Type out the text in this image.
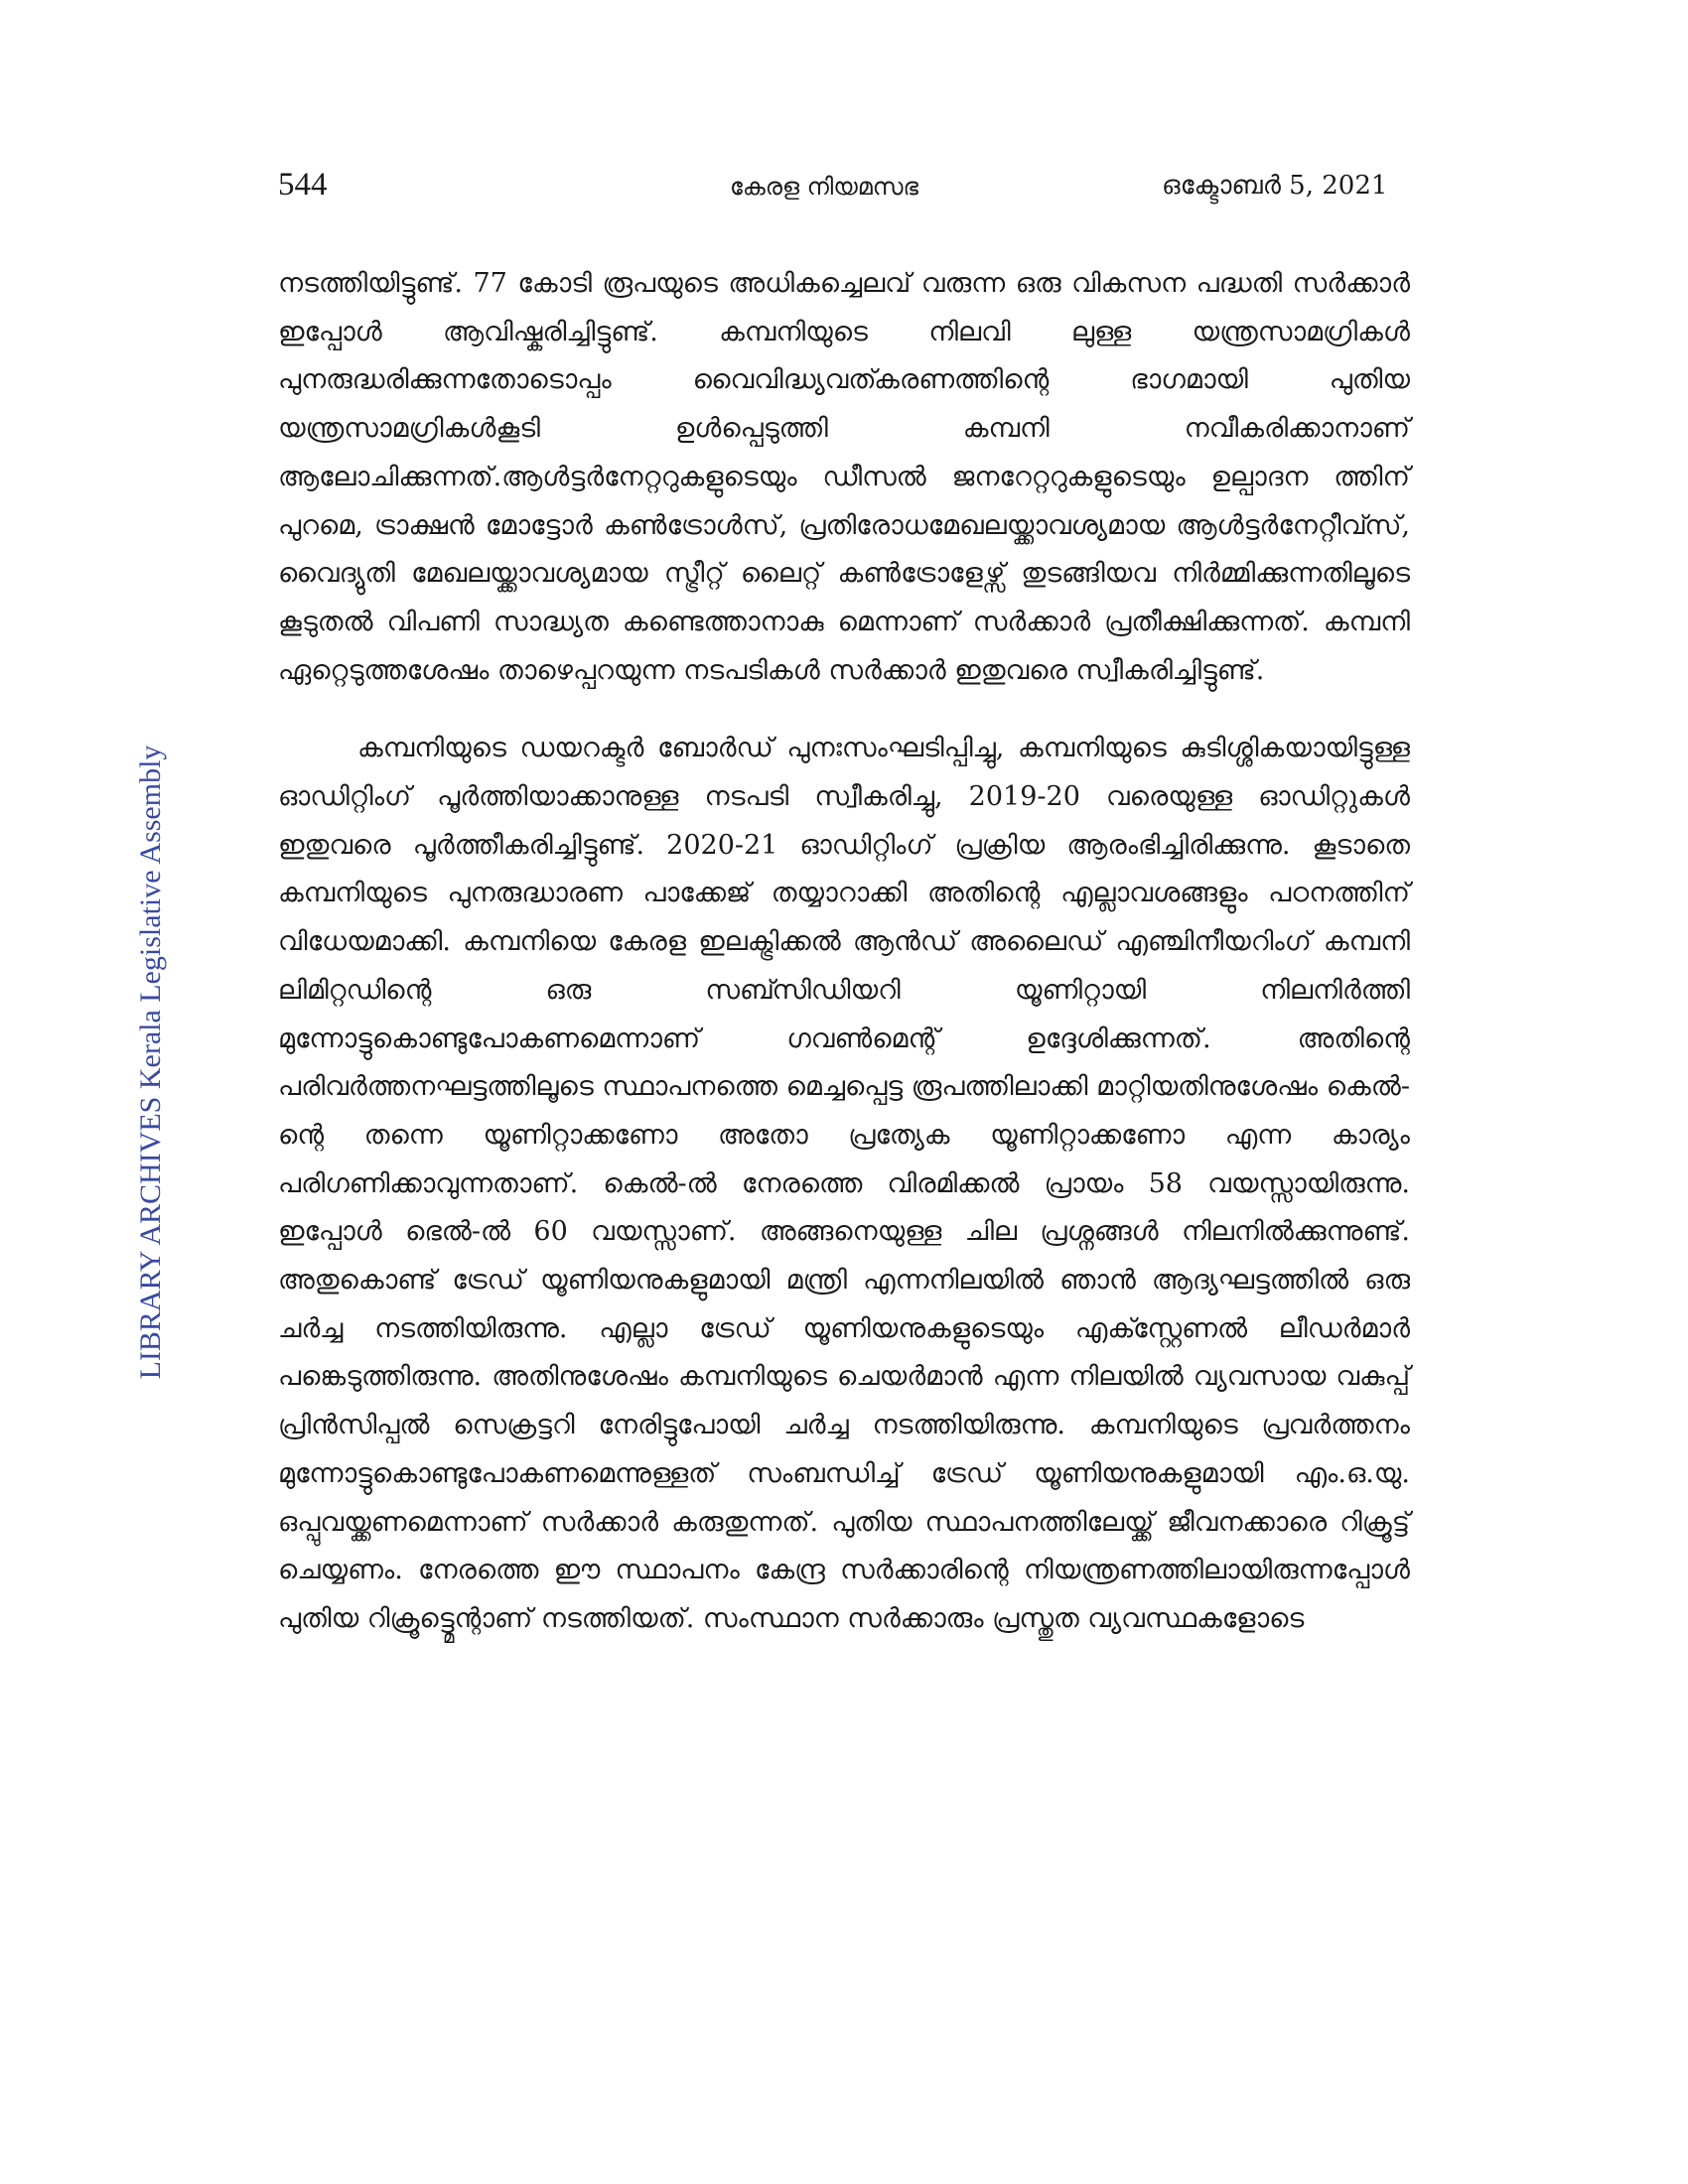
544	കേരള നിയമസഭ	ഒക്ടോബർ 5, 2021
LIBRARY ARCHIVES Kerala Legislative Assembly

നടത്തിയിട്ടുണ്ട്. 77 കോടി രൂപയുടെ അധികച്ചെലവ് വരുന്ന ഒരു വികസന പദ്ധതി സർക്കാർ ഇപ്പോൾ ആവിഷ്കരിച്ചിട്ടുണ്ട്. കമ്പനിയുടെ നിലവി ലുള്ള യന്ത്രസാമഗ്രികൾ പുനരുദ്ധരിക്കുന്നതോടൊപ്പം വൈവിദ്ധ്യവത്കരണത്തിന്റെ ഭാഗമായി പുതിയ യന്ത്രസാമഗ്രികൾകൂടി ഉൾപ്പെടുത്തി കമ്പനി നവീകരിക്കാനാണ് ആലോചിക്കുന്നത്.ആൾട്ടർനേറ്ററുകളുടെയും ഡീസൽ ജനറേറ്ററുകളുടെയും ഉല്പാദന ത്തിന് പുറമെ, ട്രാക്ഷൻ മോട്ടോർ കൺട്രോൾസ്, പ്രതിരോധമേഖലയ്ക്കാവശ്യമായ ആൾട്ടർനേറ്റീവ്സ്, വൈദ്യുതി മേഖലയ്ക്കാവശ്യമായ സ്ട്രീറ്റ് ലൈറ്റ് കൺട്രോളേഴ്സ് തുടങ്ങിയവ നിർമ്മിക്കുന്നതിലൂടെ കൂടുതൽ വിപണി സാദ്ധ്യത കണ്ടെത്താനാകു മെന്നാണ് സർക്കാർ പ്രതീക്ഷിക്കുന്നത്. കമ്പനി ഏറ്റെടുത്തശേഷം താഴെപ്പറയുന്ന നടപടികൾ സർക്കാർ ഇതുവരെ സ്വീകരിച്ചിട്ടുണ്ട്.

കമ്പനിയുടെ ഡയറക്ടർ ബോർഡ് പുനഃസംഘടിപ്പിച്ചു, കമ്പനിയുടെ കുടിശ്ശികയായിട്ടുള്ള ഓഡിറ്റിംഗ് പൂർത്തിയാക്കാനുള്ള നടപടി സ്വീകരിച്ചു, 2019-20 വരെയുള്ള ഓഡിറ്റുകൾ ഇതുവരെ പൂർത്തീകരിച്ചിട്ടുണ്ട്. 2020-21 ഓഡിറ്റിംഗ് പ്രക്രിയ ആരംഭിച്ചിരിക്കുന്നു. കൂടാതെ കമ്പനിയുടെ പുനരുദ്ധാരണ പാക്കേജ് തയ്യാറാക്കി അതിന്റെ എല്ലാവശങ്ങളും പഠനത്തിന് വിധേയമാക്കി. കമ്പനിയെ കേരള ഇലക്ട്രിക്കൽ ആൻഡ് അലൈഡ് എഞ്ചിനീയറിംഗ് കമ്പനി ലിമിറ്റഡിന്റെ ഒരു സബ്സിഡിയറി യൂണിറ്റായി നിലനിർത്തി മുന്നോട്ടുകൊണ്ടുപോകണമെന്നാണ് ഗവൺമെന്റ് ഉദ്ദേശിക്കുന്നത്. അതിന്റെ പരിവർത്തനഘട്ടത്തിലൂടെ സ്ഥാപനത്തെ മെച്ചപ്പെട്ട രൂപത്തിലാക്കി മാറ്റിയതിനുശേഷം കെൽ-ന്റെ തന്നെ യൂണിറ്റാക്കണോ അതോ പ്രത്യേക യൂണിറ്റാക്കണോ എന്ന കാര്യം പരിഗണിക്കാവുന്നതാണ്. കെൽ-ൽ നേരത്തെ വിരമിക്കൽ പ്രായം 58 വയസ്സായിരുന്നു. ഇപ്പോൾ ഭെൽ-ൽ 60 വയസ്സാണ്. അങ്ങനെയുള്ള ചില പ്രശ്നങ്ങൾ നിലനിൽക്കുന്നുണ്ട്. അതുകൊണ്ട് ട്രേഡ് യൂണിയനുകളുമായി മന്ത്രി എന്നനിലയിൽ ഞാൻ ആദ്യഘട്ടത്തിൽ ഒരു ചർച്ച നടത്തിയിരുന്നു. എല്ലാ ട്രേഡ് യൂണിയനുകളുടെയും എക്സ്റ്റേണൽ ലീഡർമാർ പങ്കെടുത്തിരുന്നു. അതിനുശേഷം കമ്പനിയുടെ ചെയർമാൻ എന്ന നിലയിൽ വ്യവസായ വകുപ്പ് പ്രിൻസിപ്പൽ സെക്രട്ടറി നേരിട്ടുപോയി ചർച്ച നടത്തിയിരുന്നു. കമ്പനിയുടെ പ്രവർത്തനം മുന്നോട്ടുകൊണ്ടുപോകണമെന്നുള്ളത് സംബന്ധിച്ച് ട്രേഡ് യൂണിയനുകളുമായി എം.ഒ.യു. ഒപ്പുവയ്ക്കണമെന്നാണ് സർക്കാർ കരുതുന്നത്. പുതിയ സ്ഥാപനത്തിലേയ്ക്ക് ജീവനക്കാരെ റിക്രൂട്ട് ചെയ്യണം. നേരത്തെ ഈ സ്ഥാപനം കേന്ദ്ര സർക്കാരിന്റെ നിയന്ത്രണത്തിലായിരുന്നപ്പോൾ പുതിയ റിക്രൂട്ട്മെന്റാണ് നടത്തിയത്. സംസ്ഥാന സർക്കാരും പ്രസ്തുത വ്യവസ്ഥകളോടെ
